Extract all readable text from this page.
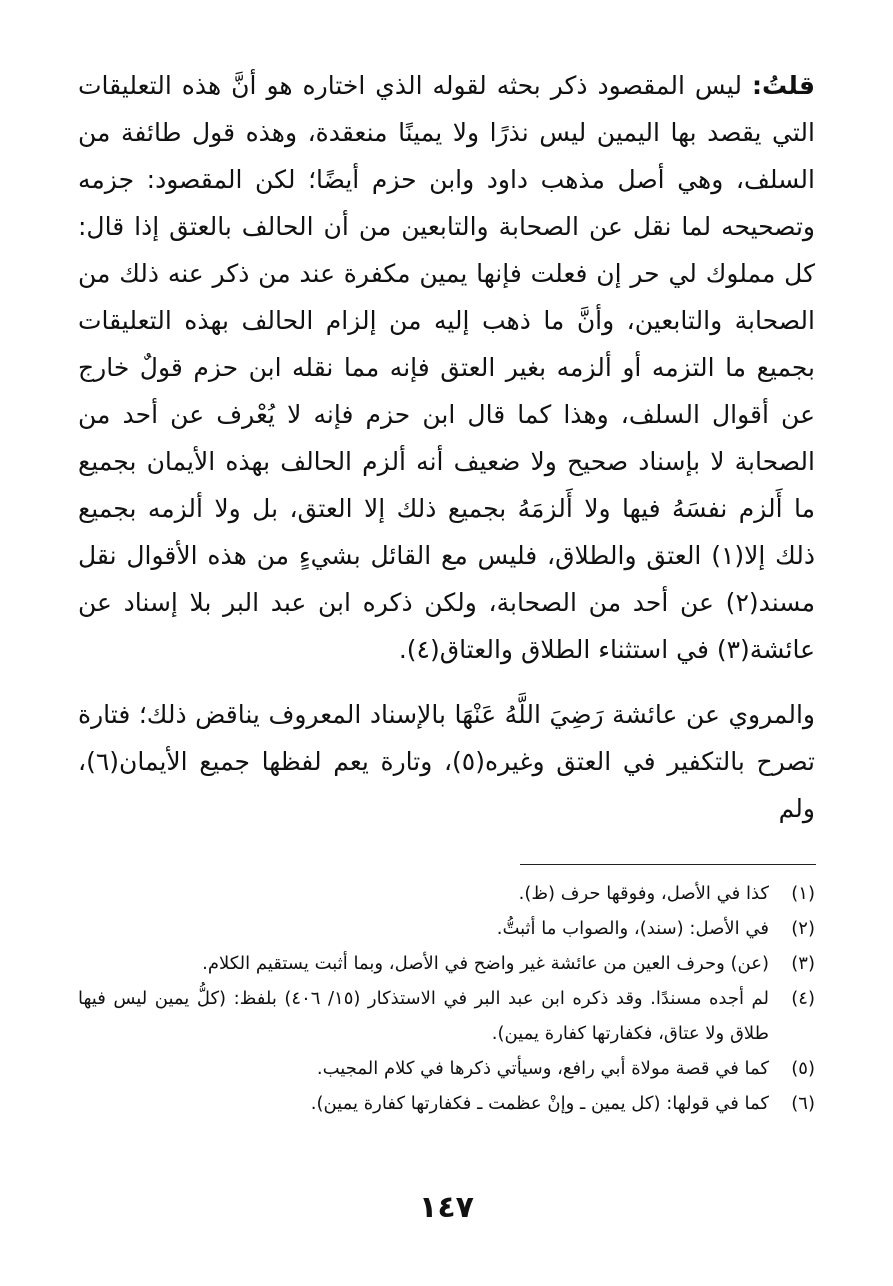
قلتُ: ليس المقصود ذكر بحثه لقوله الذي اختاره هو أنَّ هذه التعليقات التي يقصد بها اليمين ليس نذرًا ولا يمينًا منعقدة، وهذه قول طائفة من السلف، وهي أصل مذهب داود وابن حزم أيضًا؛ لكن المقصود: جزمه وتصحيحه لما نقل عن الصحابة والتابعين من أن الحالف بالعتق إذا قال: كل مملوك لي حر إن فعلت فإنها يمين مكفرة عند من ذكر عنه ذلك من الصحابة والتابعين، وأنَّ ما ذهب إليه من إلزام الحالف بهذه التعليقات بجميع ما التزمه أو ألزمه بغير العتق فإنه مما نقله ابن حزم قولٌ خارج عن أقوال السلف، وهذا كما قال ابن حزم فإنه لا يُعْرف عن أحد من الصحابة لا بإسناد صحيح ولا ضعيف أنه ألزم الحالف بهذه الأيمان بجميع ما أَلزم نفسَهُ فيها ولا أَلزمَهُ بجميع ذلك إلا العتق، بل ولا ألزمه بجميع ذلك إلا(١) العتق والطلاق، فليس مع القائل بشيءٍ من هذه الأقوال نقل مسند(٢) عن أحد من الصحابة، ولكن ذكره ابن عبد البر بلا إسناد عن عائشة(٣) في استثناء الطلاق والعتاق(٤).

والمروي عن عائشة رَضِيَ اللَّهُ عَنْهَا بالإسناد المعروف يناقض ذلك؛ فتارة تصرح بالتكفير في العتق وغيره(٥)، وتارة يعم لفظها جميع الأيمان(٦)، ولم

(١)
كذا في الأصل، وفوقها حرف (ظ).
(٢)
في الأصل: (سند)، والصواب ما أثبتُّ.
(٣)
(عن) وحرف العين من عائشة غير واضح في الأصل، وبما أثبت يستقيم الكلام.
(٤)
لم أجده مسندًا. وقد ذكره ابن عبد البر في الاستذكار (١٥/ ٤٠٦) بلفظ: (كلُّ يمين ليس فيها طلاق ولا عتاق، فكفارتها كفارة يمين).
(٥)
كما في قصة مولاة أبي رافع، وسيأتي ذكرها في كلام المجيب.
(٦)
كما في قولها: (كل يمين ـ وإنْ عظمت ـ فكفارتها كفارة يمين).
١٤٧
